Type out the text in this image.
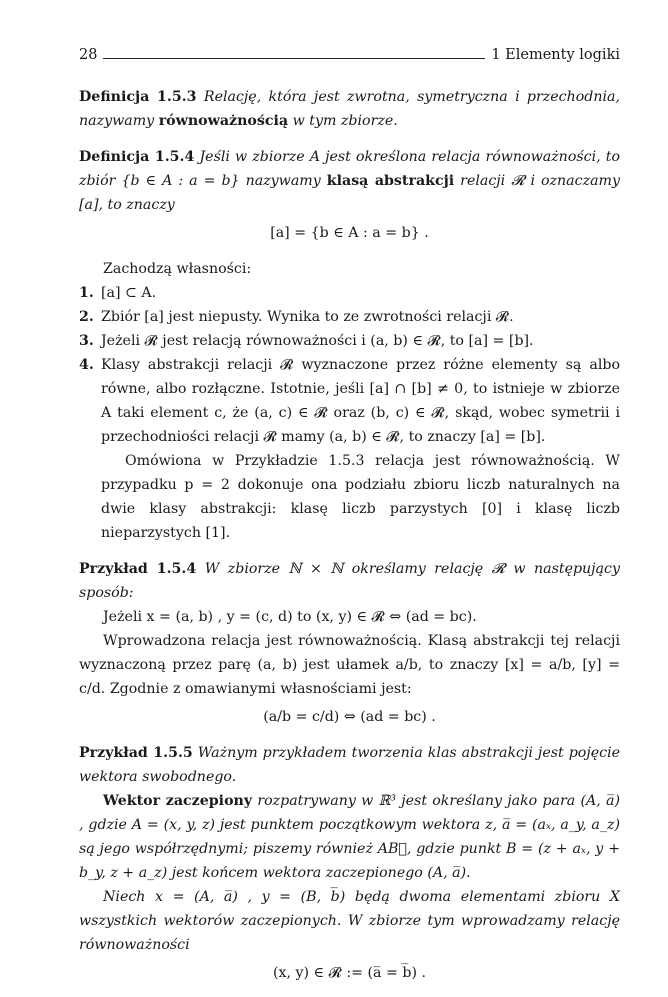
28	1 Elementy logiki

Definicja 1.5.3 Relację, która jest zwrotna, symetryczna i przechodnia, nazywamy równoważnością w tym zbiorze.

Definicja 1.5.4 Jeśli w zbiorze A jest określona relacja równoważności, to zbiór {b ∈ A : a = b} nazywamy klasą abstrakcji relacji 𝓡 i oznaczamy [a], to znaczy

[a] = {b ∈ A : a = b} .

Zachodzą własności:

1. [a] ⊂ A.
2. Zbiór [a] jest niepusty. Wynika to ze zwrotności relacji 𝓡.
3. Jeżeli 𝓡 jest relacją równoważności i (a, b) ∈ 𝓡, to [a] = [b].
4. Klasy abstrakcji relacji 𝓡 wyznaczone przez różne elementy są albo równe, albo rozłączne. Istotnie, jeśli [a] ∩ [b] ≠ 0, to istnieje w zbiorze A taki element c, że (a, c) ∈ 𝓡 oraz (b, c) ∈ 𝓡, skąd, wobec symetrii i przechodniości relacji 𝓡 mamy (a, b) ∈ 𝓡, to znaczy [a] = [b].

Omówiona w Przykładzie 1.5.3 relacja jest równoważnością. W przypadku p = 2 dokonuje ona podziału zbioru liczb naturalnych na dwie klasy abstrakcji: klasę liczb parzystych [0] i klasę liczb nieparzystych [1].

Przykład 1.5.4 W zbiorze ℕ × ℕ określamy relację 𝓡 w następujący sposób:

Jeżeli x = (a, b) , y = (c, d) to (x, y) ∈ 𝓡 ⇔ (ad = bc).

Wprowadzona relacja jest równoważnością. Klasą abstrakcji tej relacji wyznaczoną przez parę (a, b) jest ułamek a/b, to znaczy [x] = a/b, [y] = c/d. Zgodnie z omawianymi własnościami jest:

(a/b = c/d) ⇔ (ad = bc) .

Przykład 1.5.5 Ważnym przykładem tworzenia klas abstrakcji jest pojęcie wektora swobodnego.

Wektor zaczepiony rozpatrywany w ℝ³ jest określany jako para (A, a̅) , gdzie A = (x, y, z) jest punktem początkowym wektora z, a̅ = (aₓ, a_y, a_z) są jego współrzędnymi; piszemy również AB⃗, gdzie punkt B = (z + aₓ, y + b_y, z + a_z) jest końcem wektora zaczepionego (A, a̅).

Niech x = (A, a̅) , y = (B, b̅) będą dwoma elementami zbioru X wszystkich wektorów zaczepionych. W zbiorze tym wprowadzamy relację równoważności

(x, y) ∈ 𝓡 := (a̅ = b̅) .
